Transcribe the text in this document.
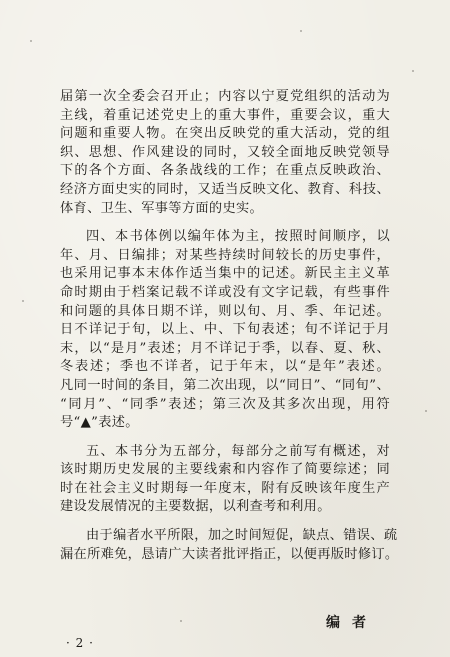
届第一次全委会召开止；内容以宁夏党组织的活动为
主线，着重记述党史上的重大事件，重要会议，重大
问题和重要人物。在突出反映党的重大活动，党的组
织、思想、作风建设的同时，又较全面地反映党领导
下的各个方面、各条战线的工作；在重点反映政治、
经济方面史实的同时，又适当反映文化、教育、科技、
体育、卫生、军事等方面的史实。
四、本书体例以编年体为主，按照时间顺序，以
年、月、日编排；对某些持续时间较长的历史事件，
也采用记事本末体作适当集中的记述。新民主主义革
命时期由于档案记载不详或没有文字记载，有些事件
和问题的具体日期不详，则以旬、月、季、年记述。
日不详记于旬，以上、中、下旬表述；旬不详记于月
末，以“是月”表述；月不详记于季，以春、夏、秋、
冬表述；季也不详者，记于年末，以“是年”表述。
凡同一时间的条目，第二次出现，以“同日”、“同旬”、
“同月”、“同季”表述；第三次及其多次出现，用符
号“▲”表述。
五、本书分为五部分，每部分之前写有概述，对
该时期历史发展的主要线索和内容作了简要综述；同
时在社会主义时期每一年度末，附有反映该年度生产
建设发展情况的主要数据，以利查考和利用。
由于编者水平所限，加之时间短促，缺点、错误、疏
漏在所难免，恳请广大读者批评指正，以便再版时修订。
编者
· 2 ·
